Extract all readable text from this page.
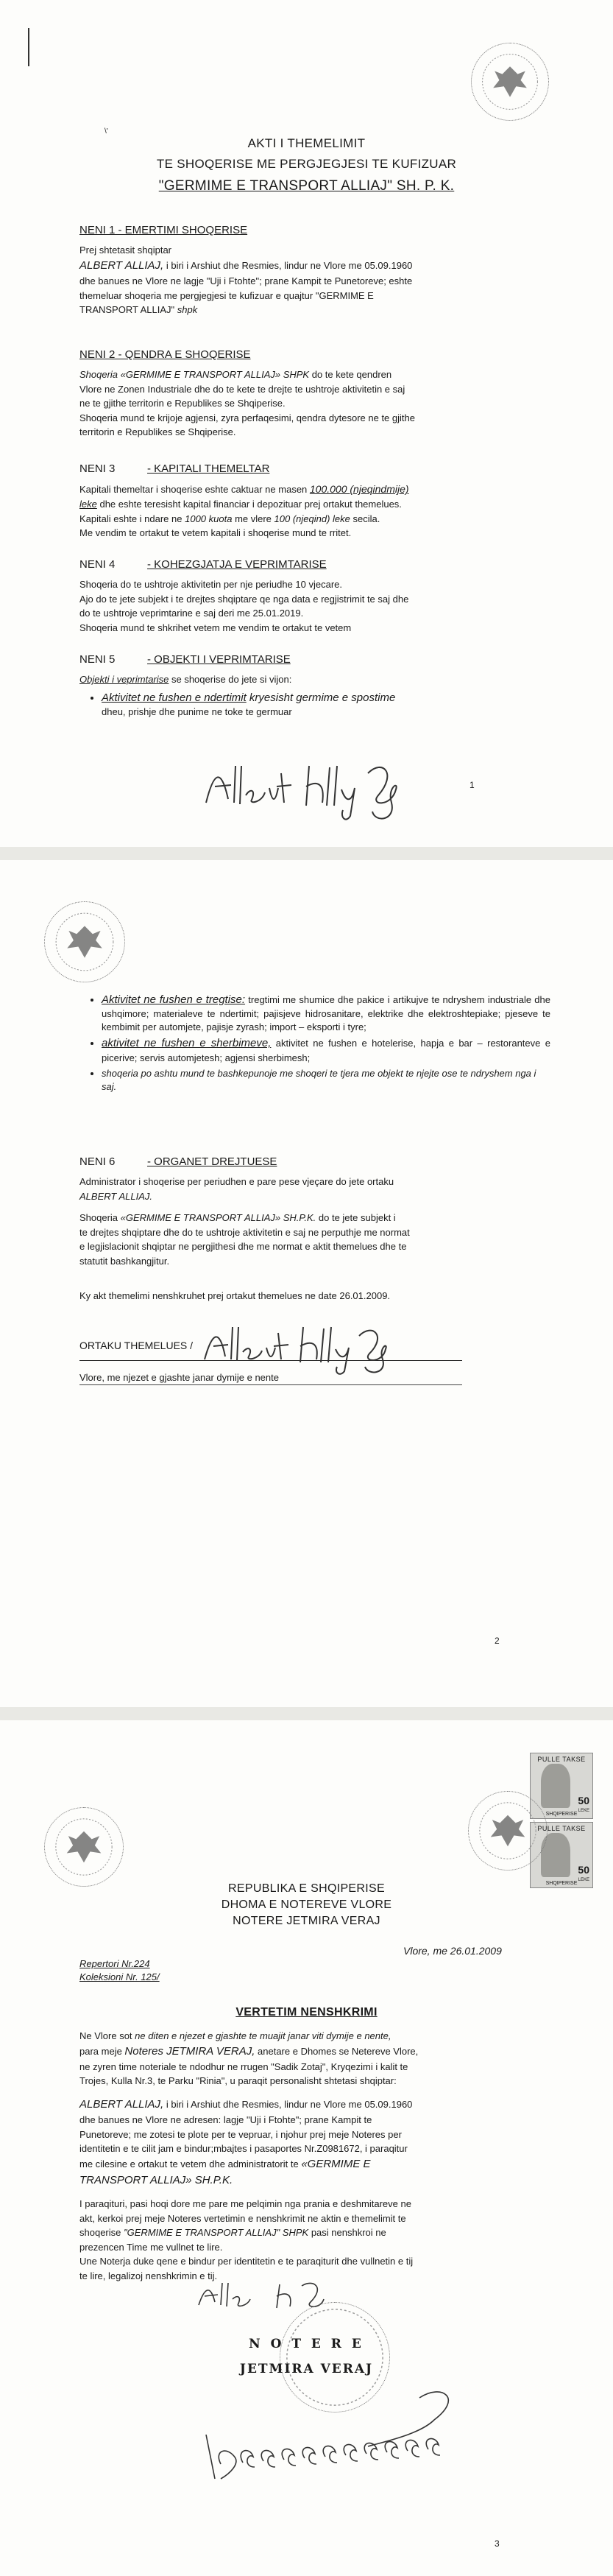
\'
AKTI I THEMELIMIT
TE SHOQERISE ME PERGJEGJESI TE KUFIZUAR
"GERMIME E TRANSPORT ALLIAJ" SH. P. K.
NENI 1 - EMERTIMI SHOQERISE

Prej shtetasit shqiptar

ALBERT ALLIAJ, i biri i Arshiut dhe Resmies, lindur ne Vlore me 05.09.1960

dhe banues ne Vlore ne lagje "Uji i Ftohte"; prane Kampit te Punetoreve; eshte

themeluar shoqeria me pergjegjesi te kufizuar e quajtur "GERMIME E

TRANSPORT ALLIAJ" shpk

NENI 2 - QENDRA E SHOQERISE

Shoqeria «GERMIME E TRANSPORT ALLIAJ» SHPK do te kete qendren

Vlore ne Zonen Industriale dhe do te kete te drejte te ushtroje aktivitetin e saj

ne te gjithe territorin e Republikes se Shqiperise.

Shoqeria mund te krijoje agjensi, zyra perfaqesimi, qendra dytesore ne te gjithe

territorin e Republikes se Shqiperise.

NENI 3	- KAPITALI THEMELTAR

Kapitali themeltar i shoqerise eshte caktuar ne masen 100.000 (njeqindmije)

leke dhe eshte teresisht kapital financiar i depozituar prej ortakut themelues.

Kapitali eshte i ndare ne 1000 kuota me vlere 100 (njeqind) leke secila.

Me vendim te ortakut te vetem kapitali i shoqerise mund te rritet.

NENI 4	- KOHEZGJATJA E VEPRIMTARISE

Shoqeria do te ushtroje aktivitetin per nje periudhe 10 vjecare.

Ajo do te jete subjekt i te drejtes shqiptare qe nga data e regjistrimit te saj dhe

do te ushtroje veprimtarine e saj deri me 25.01.2019.

Shoqeria mund te shkrihet vetem me vendim te ortakut te vetem

NENI 5	- OBJEKTI I VEPRIMTARISE

Objekti i veprimtarise se shoqerise do jete si vijon:

• Aktivitet ne fushen e ndertimit kryesisht germime e spostime
dheu, prishje dhe punime ne toke te germuar
1
• Aktivitet ne fushen e tregtise: tregtimi me shumice dhe pakice i artikujve te ndryshem industriale dhe ushqimore; materialeve te ndertimit; pajisjeve hidrosanitare, elektrike dhe elektroshtepiake; pjeseve te kembimit per automjete, pajisje zyrash; import – eksporti i tyre;
• aktivitet ne fushen e sherbimeve, aktivitet ne fushen e hotelerise, hapja e bar – restoranteve e picerive; servis automjetesh; agjensi sherbimesh;
• shoqeria po ashtu mund te bashkepunoje me shoqeri te tjera me objekt te njejte ose te ndryshem nga i saj.
NENI 6	- ORGANET DREJTUESE

Administrator i shoqerise per periudhen e pare pese vjeçare do jete ortaku

ALBERT ALLIAJ.

Shoqeria «GERMIME E TRANSPORT ALLIAJ» SH.P.K. do te jete subjekt i

te drejtes shqiptare dhe do te ushtroje aktivitetin e saj ne perputhje me normat

e legjislacionit shqiptar ne pergjithesi dhe me normat e aktit themelues dhe te

statutit bashkangjitur.

Ky akt themelimi nenshkruhet prej ortakut themelues ne date 26.01.2009.
ORTAKU THEMELUES /
Vlore, me njezet e gjashte janar dymije e nente
2
PULLE TAKSE
50
LEKE
SHQIPERISE
PULLE TAKSE
50
LEKE
SHQIPERISE
REPUBLIKA E SHQIPERISE
DHOMA E NOTEREVE VLORE
NOTERE JETMIRA VERAJ
Vlore, me 26.01.2009
Repertori Nr.224
Koleksioni Nr. 125/
VERTETIM NENSHKRIMI

Ne Vlore sot ne diten e njezet e gjashte te muajit janar viti dymije e nente,

para meje Noteres JETMIRA VERAJ, anetare e Dhomes se Netereve Vlore,

ne zyren time noteriale te ndodhur ne rrugen "Sadik Zotaj", Kryqezimi i kalit te

Trojes, Kulla Nr.3, te Parku "Rinia", u paraqit personalisht shtetasi shqiptar:

ALBERT ALLIAJ, i biri i Arshiut dhe Resmies, lindur ne Vlore me 05.09.1960

dhe banues ne Vlore ne adresen: lagje "Uji i Ftohte"; prane Kampit te

Punetoreve; me zotesi te plote per te vepruar, i njohur prej meje Noteres per

identitetin e te cilit jam e bindur;mbajtes i pasaportes Nr.Z0981672, i paraqitur

me cilesine e ortakut te vetem dhe administratorit te «GERMIME E

TRANSPORT ALLIAJ» SH.P.K.

I paraqituri, pasi hoqi dore me pare me pelqimin nga prania e deshmitareve ne

akt, kerkoi prej meje Noteres vertetimin e nenshkrimit ne aktin e themelimit te

shoqerise "GERMIME E TRANSPORT ALLIAJ" SHPK pasi nenshkroi ne

prezencen Time me vullnet te lire.

Une Noterja duke qene e bindur per identitetin e te paraqiturit dhe vullnetin e tij

te lire, legalizoj nenshkrimin e tij.

N O T E R E
JETMIRA VERAJ
3
